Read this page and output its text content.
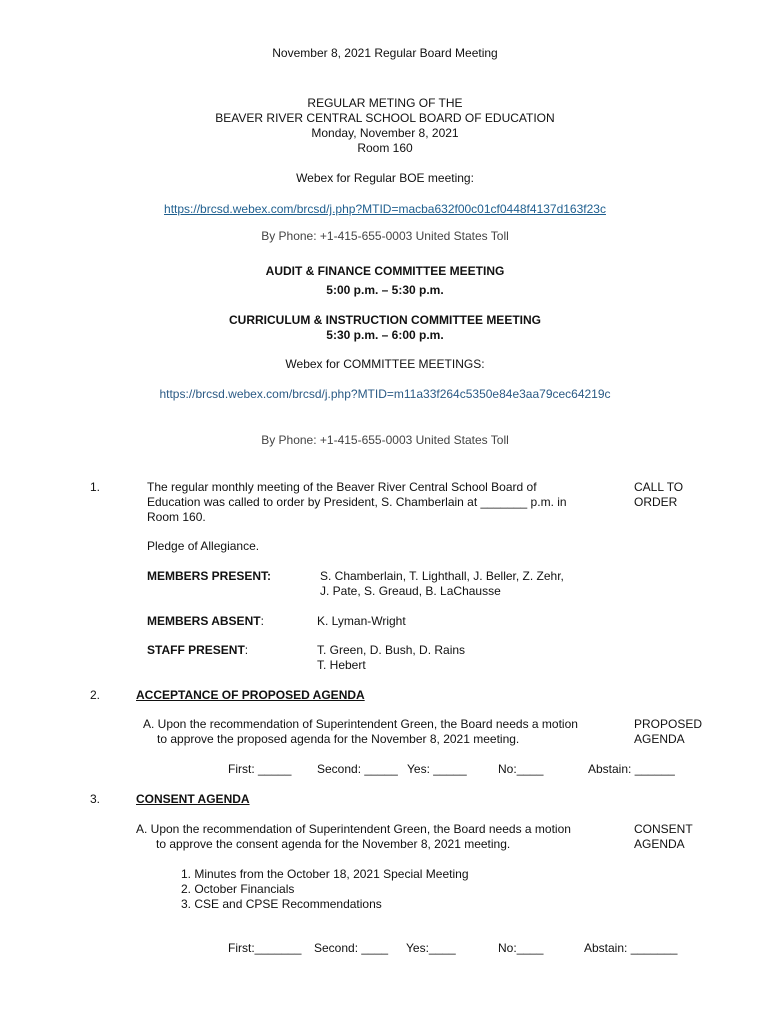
November 8, 2021 Regular Board Meeting
REGULAR METING OF THE
BEAVER RIVER CENTRAL SCHOOL BOARD OF EDUCATION
Monday, November 8, 2021
Room 160
Webex for Regular BOE meeting:
https://brcsd.webex.com/brcsd/j.php?MTID=macba632f00c01cf0448f4137d163f23c
By Phone: +1-415-655-0003 United States Toll
AUDIT & FINANCE COMMITTEE MEETING
5:00 p.m. – 5:30 p.m.
CURRICULUM & INSTRUCTION COMMITTEE MEETING
5:30 p.m. – 6:00 p.m.
Webex for COMMITTEE MEETINGS:
https://brcsd.webex.com/brcsd/j.php?MTID=m11a33f264c5350e84e3aa79cec64219c
By Phone: +1-415-655-0003 United States Toll
1.	The regular monthly meeting of the Beaver River Central School Board of
Education was called to order by President, S. Chamberlain at _______ p.m. in
Room 160.
CALL TO
ORDER
Pledge of Allegiance.
MEMBERS PRESENT:	S. Chamberlain, T. Lighthall, J. Beller, Z. Zehr,
J. Pate, S. Greaud, B. LaChausse
MEMBERS ABSENT:	K. Lyman-Wright
STAFF PRESENT:	T. Green, D. Bush, D. Rains
T. Hebert
2.	ACCEPTANCE OF PROPOSED AGENDA
A. Upon the recommendation of Superintendent Green, the Board needs a motion
to approve the proposed agenda for the November 8, 2021 meeting.
PROPOSED
AGENDA
First: _____ Second: _____ Yes: _____	No:____	Abstain: ______
3.	CONSENT AGENDA
A. Upon the recommendation of Superintendent Green, the Board needs a motion
to approve the consent agenda for the November 8, 2021 meeting.
CONSENT
AGENDA
1. Minutes from the October 18, 2021 Special Meeting
2. October Financials
3. CSE and CPSE Recommendations
First:_______ Second: ____ Yes:____	No:____	Abstain: _______
